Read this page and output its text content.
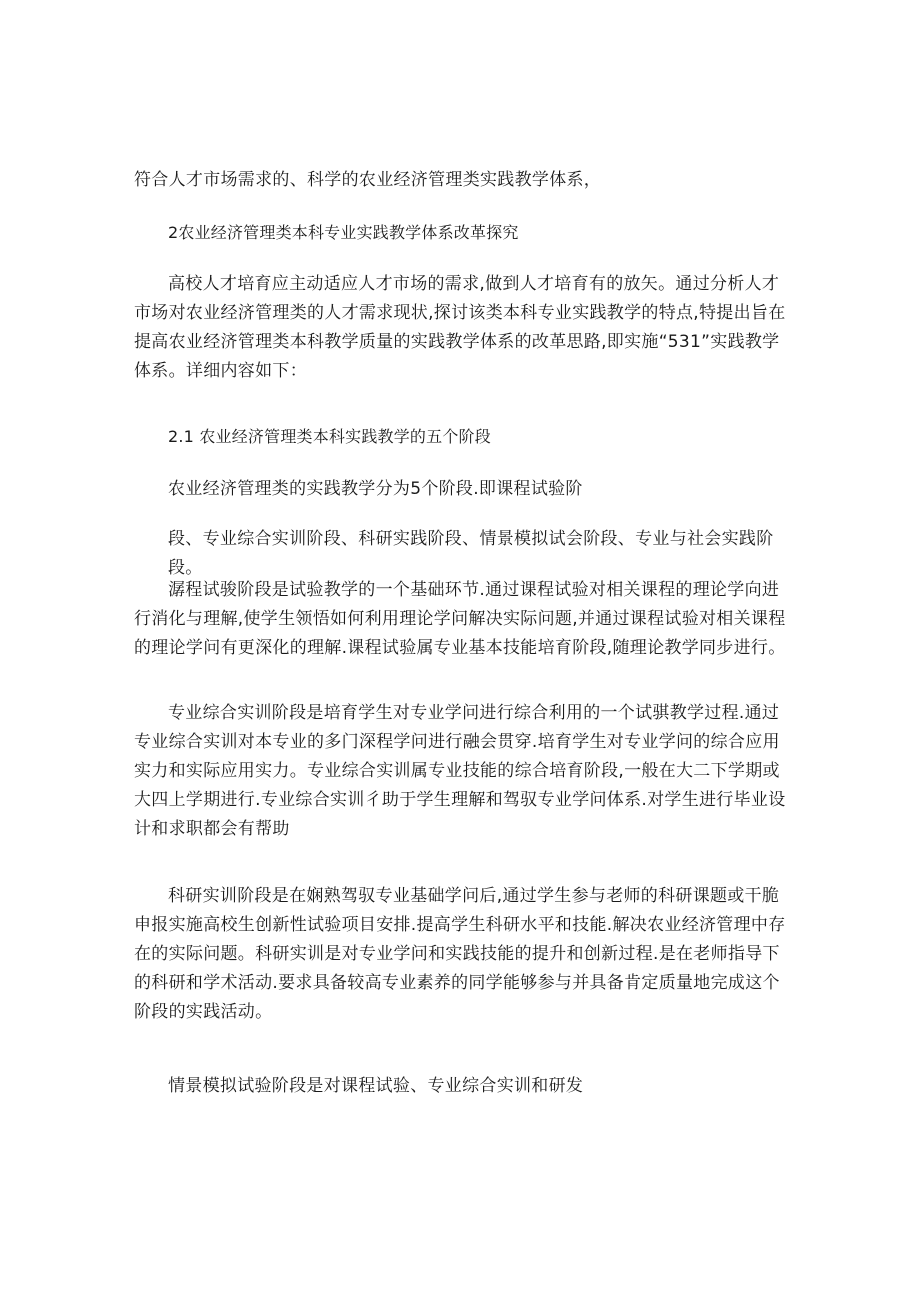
符合人才市场需求的、科学的农业经济管理类实践教学体系，

2农业经济管理类本科专业实践教学体系改革探究

高校人才培育应主动适应人才市场的需求,做到人才培育有的放矢。通过分析人才市场对农业经济管理类的人才需求现状,探讨该类本科专业实践教学的特点,特提出旨在提高农业经济管理类本科教学质量的实践教学体系的改革思路,即实施“531”实践教学体系。详细内容如下：

2.1 农业经济管理类本科实践教学的五个阶段

农业经济管理类的实践教学分为5个阶段.即课程试验阶

段、专业综合实训阶段、科研实践阶段、情景模拟试会阶段、专业与社会实践阶段。

潺程试骏阶段是试验教学的一个基础环节.通过课程试验对相关课程的理论学向进行消化与理解,使学生领悟如何利用理论学问解决实际问题,并通过课程试验对相关课程的理论学问有更深化的理解.课程试验属专业基本技能培育阶段,随理论教学同步进行。

专业综合实训阶段是培育学生对专业学问进行综合利用的一个试骐教学过程.通过专业综合实训对本专业的多门深程学问进行融会贯穿.培育学生对专业学问的综合应用实力和实际应用实力。专业综合实训属专业技能的综合培育阶段,一般在大二下学期或大四上学期进行.专业综合实训彳助于学生理解和驾驭专业学问体系.对学生进行毕业设计和求职都会有帮助

科研实训阶段是在娴熟驾驭专业基础学问后,通过学生参与老师的科研课题或干脆申报实施高校生创新性试验项目安排.提高学生科研水平和技能.解决农业经济管理中存在的实际问题。科研实训是对专业学问和实践技能的提升和创新过程.是在老师指导下的科研和学术活动.要求具备较高专业素养的同学能够参与并具备肯定质量地完成这个阶段的实践活动。

情景模拟试验阶段是对课程试验、专业综合实训和研发
